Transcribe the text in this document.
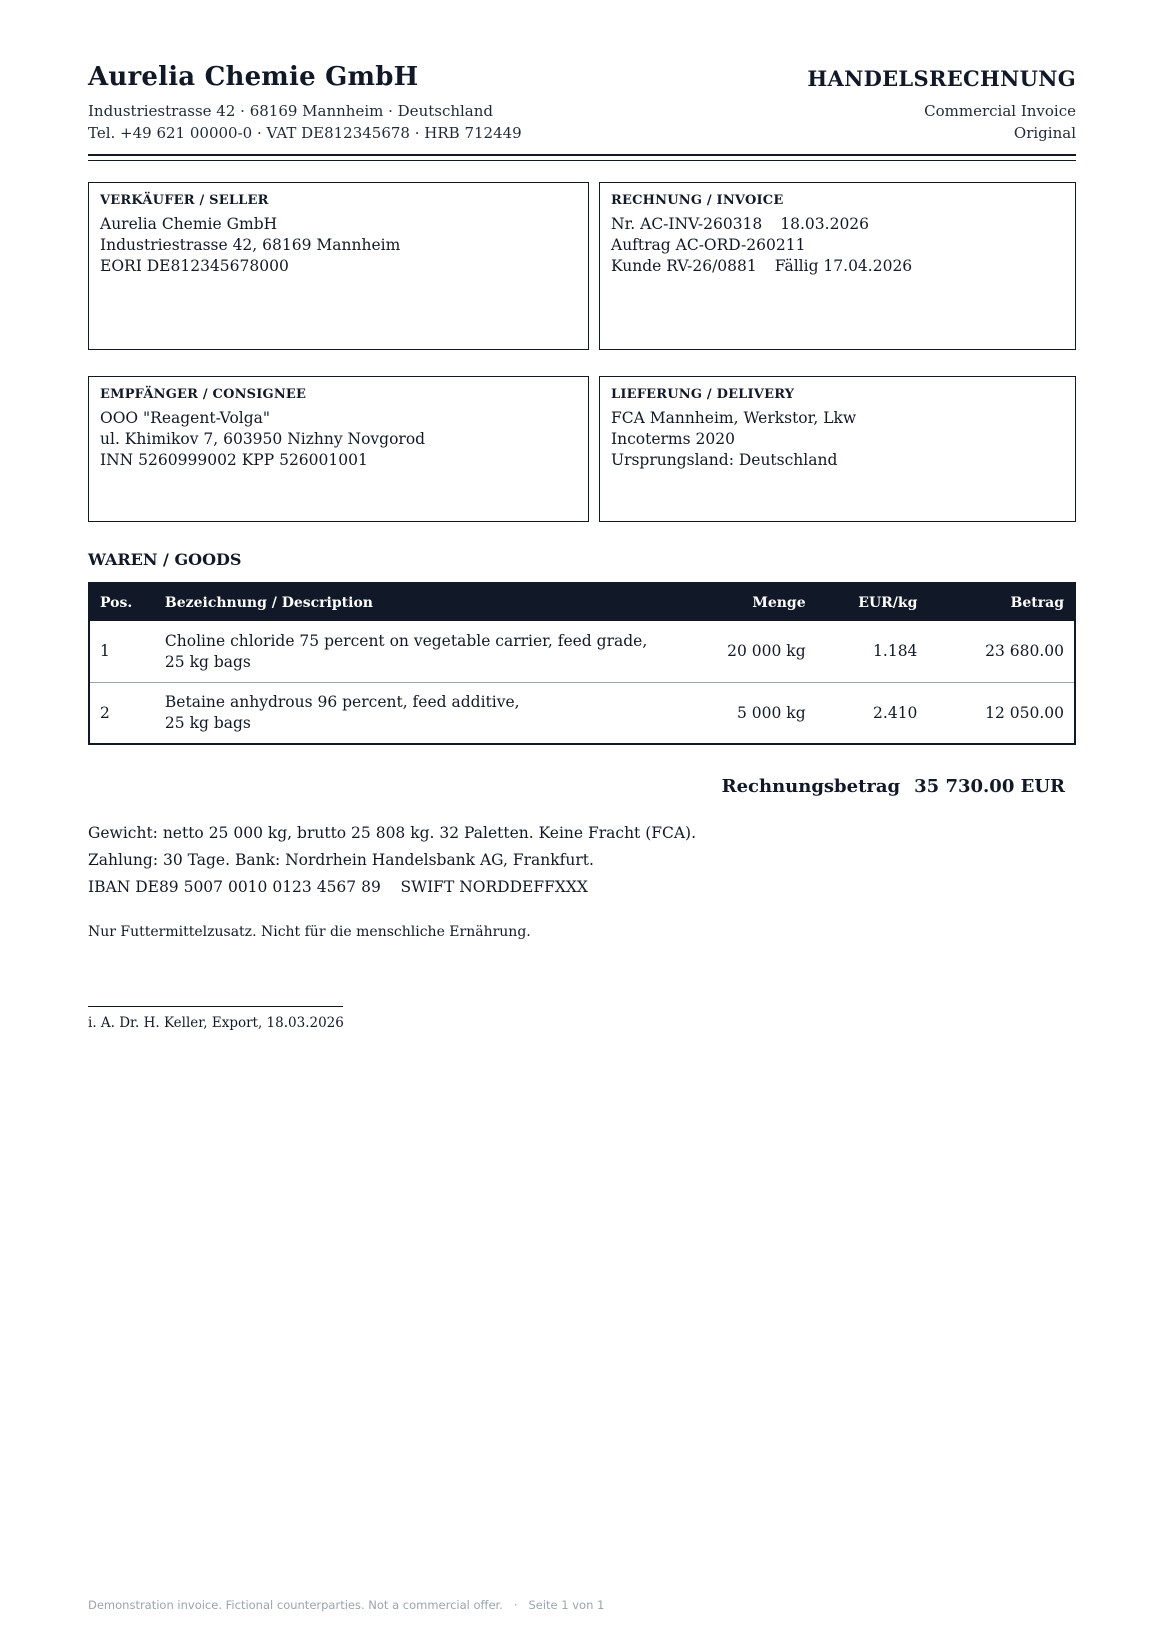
Aurelia Chemie GmbH
Industriestrasse 42 · 68169 Mannheim · Deutschland
Tel. +49 621 00000-0 · VAT DE812345678 · HRB 712449
HANDELSRECHNUNG
Commercial Invoice
Original
VERKÄUFER / SELLER
Aurelia Chemie GmbH
Industriestrasse 42, 68169 Mannheim
EORI DE812345678000
RECHNUNG / INVOICE
Nr. AC-INV-260318 18.03.2026
Auftrag AC-ORD-260211
Kunde RV-26/0881 Fällig 17.04.2026
EMPFÄNGER / CONSIGNEE
OOO "Reagent-Volga"
ul. Khimikov 7, 603950 Nizhny Novgorod
INN 5260999002 KPP 526001001
LIEFERUNG / DELIVERY
FCA Mannheim, Werkstor, Lkw
Incoterms 2020
Ursprungsland: Deutschland
WAREN / GOODS
Pos.	Bezeichnung / Description	Menge	EUR/kg	Betrag
1	Choline chloride 75 percent on vegetable carrier, feed grade, 25 kg bags	20 000 kg	1.184	23 680.00
2	Betaine anhydrous 96 percent, feed additive, 25 kg bags	5 000 kg	2.410	12 050.00
Rechnungsbetrag 35 730.00 EUR
Gewicht: netto 25 000 kg, brutto 25 808 kg. 32 Paletten. Keine Fracht (FCA).
Zahlung: 30 Tage. Bank: Nordrhein Handelsbank AG, Frankfurt.
IBAN DE89 5007 0010 0123 4567 89    SWIFT NORDDEFFXXX
Nur Futtermittelzusatz. Nicht für die menschliche Ernährung.
i. A. Dr. H. Keller, Export, 18.03.2026
Demonstration invoice. Fictional counterparties. Not a commercial offer.   ·   Seite 1 von 1
